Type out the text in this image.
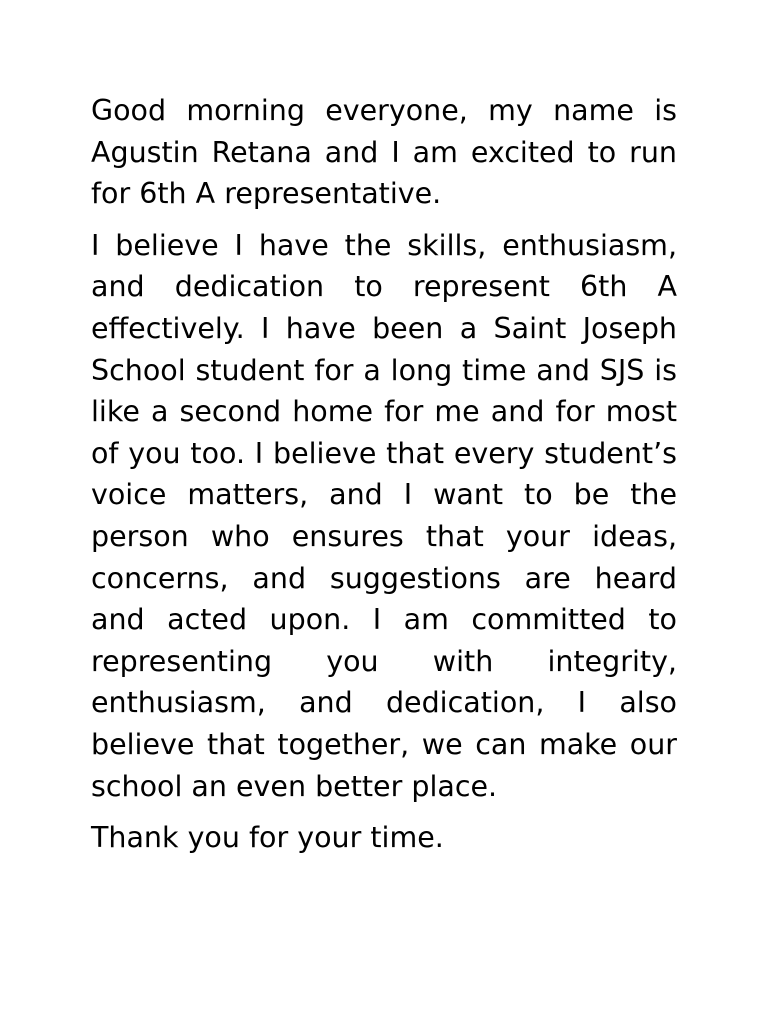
Good morning everyone, my name is Agustin Retana and I am excited to run for 6th A representative.

I believe I have the skills, enthusiasm, and dedication to represent 6th A effectively. I have been a Saint Joseph School student for a long time and SJS is like a second home for me and for most of you too. I believe that every student’s voice matters, and I want to be the person who ensures that your ideas, concerns, and suggestions are heard and acted upon. I am committed to representing you with integrity, enthusiasm, and dedication, I also believe that together, we can make our school an even better place.

Thank you for your time.
